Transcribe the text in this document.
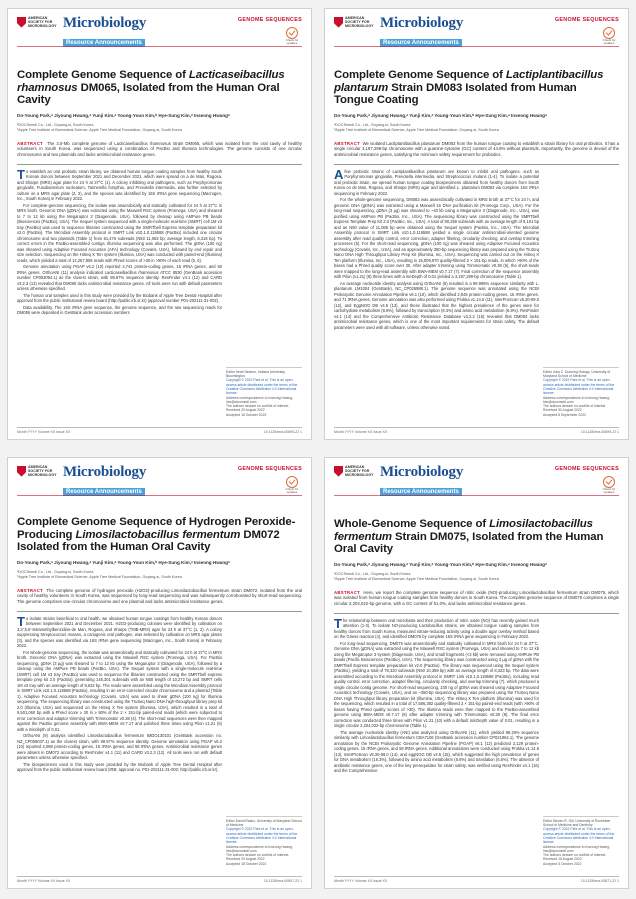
AMERICAN
SOCIETY FOR
MICROBIOLOGY Microbiology
Resource Announcements
GENOME SEQUENCES
Check for
updates
Complete Genome Sequence of Lacticaseibacillus rhamnosus DM065, Isolated from the Human Oral Cavity
Do-Young Park,ᵃ Jiyoung Hwang,ᵃ Yunji Kim,ᵃ Young-Youn Kim,ᵇ Hye-Sung Kim,ᵃ Inseong Hwangᵃ
ᵃDOCSmedi Co., Ltd., Goyang-si, South Korea
ᵇApple Tree Institute of Biomedical Science, Apple Tree Medical Foundation, Goyang-si, South Korea
ABSTRACT The 3.0-Mb complete genome of Lacticaseibacillus rhamnosus strain DM065, which was isolated from the oral cavity of healthy volunteers in South Korea, was sequenced using a combination of PacBio and Illumina technologies. The genome consists of one circular chromosome and two plasmids and lacks antimicrobial resistance genes.

To establish an oral probiotic strain library, we obtained human tongue coating samples from healthy South Korean donors between September 2021 and December 2021, which were spread on a de Man, Rogosa, and Sharpe (MRS) agar plate for 24 h at 37°C (1). A colony inhibiting oral pathogens, such as Porphyromonas gingivalis, Fusobacterium nucleatum, Tannerella forsythia, and Prevotella intermedia, was further selected by culture on a MRS agar plate (2, 3), and the species was identified by 16S rRNA gene sequencing (Macrogen, Inc., South Korea) in February 2022.

For complete-genome sequencing, the isolate was anaerobically and statically cultivated for 24 h at 37°C in MRS broth. Genomic DNA (gDNA) was extracted using the Maxwell RSC system (Promega, USA) and sheared to 7 to 12 kb using the Megaruptor 3 (Diagenode, USA), followed by cleanup using AMPure PB beads (Biosciences (PacBio), USA). The Sequel system sequenced with a single-molecule real-time (SMRT) cell 1M v3 tray (PacBio) was used to sequence libraries constructed using the SMRTbell Express template preparation kit v2.0 (PacBio). The Microbial Assembly protocol in SMRT Link v10.1.0.119588 (PacBio) included one circular chromosome and two plasmids (Table 1) from 51,476 subreads (N50 11,063 bp; average length, 8,316 bp). To correct errors in the PacBio-assembled contigs, Illumina sequencing was also performed. The gDNA (100 ng) was sheared using Adaptive Focused Acoustics (AFA) technology (Covaris, USA), followed by end repair and size selection. Sequencing on the HiSeq X Ten system (Illumina, USA) was conducted with paired-end (Illumina) reads, which yielded a total of 12,257,808 reads with Phred scores of >30 in >90% of each read (5, 6).

Genome annotation using PGAP v6.2 (10) reported 2,741 protein-coding genes, 15 rRNA genes, and 60 tRNA genes. OrthoANI (11) analysis indicated Lacticaseibacillus rhamnosus ATCC 8530 (GenBank accession number CP003094.1) as the closest strain, with 99.87% sequence identity. ResFinder v4.1 (12) and CARD v3.2.3 (13) revealed that DM065 lacks antimicrobial resistance genes. All tools were run with default parameters unless otherwise specified.

The human oral samples used in this study were provided by the Biobank of Apple Tree Dental Hospital after approval from the public institutional review board (http://public.irb.or.kr) (approval number P01-202111-31-002).

Data availability. The 16S rRNA gene sequence, the genome sequence, and the raw sequencing reads for DM065 were deposited in GenBank under accession numbers

Editor Irene Newton, Indiana University, Bloomington
Copyright © 2022 Park et al. This is an open-access article distributed under the terms of the Creative Commons Attribution 4.0 International license.
Address correspondence to Inseong Hwang, hiw@docsmedi.com.
The authors declare no conflict of interest.
Received 29 August 2022
Accepted 16 October 2022
Month YYYY Volume XX Issue XX	10.1128/mra.00899-22 1
AMERICAN
SOCIETY FOR
MICROBIOLOGY Microbiology
Resource Announcements
GENOME SEQUENCES
Check for
updates
Complete Genome Sequence of Lactiplantibacillus plantarum Strain DM083 Isolated from Human Tongue Coating
Do-Young Park,ᵃ Jiyoung Hwang,ᵃ Yunji Kim,ᵃ Young-Youn Kim,ᵇ Hye-Sung Kim,ᵃ Inseong Hwangᵃ
ᵃDOCSmedi Co., Ltd., Goyang-si, South Korea
ᵇApple Tree Institute of Biomedical Science, Apple Tree Medical Foundation, Goyang-si, South Korea
ABSTRACT We isolated Lactiplantibacillus plantarum DM083 from the human tongue coating to establish a strain library for oral probiotics. It has a single circular 3,197,299-bp chromosome with a guanine-cytosine (GC) content of 44.6% without plasmids. Importantly, the genome is devoid of the antimicrobial resistance genes, satisfying the minimum safety requirement for probiotics.

A few probiotic strains of Lactiplantibacillus plantarum are known to inhibit oral pathogens, such as Porphyromonas gingivalis, Prevotella intermedia, and Streptococcus mutans (1-4). To isolate a potential oral probiotic strain, we spread human tongue coating biospecimens obtained from healthy donors from South Korea on de Man, Rogosa, and Sharpe (MRS) agar and identified L. plantarum DM083 via complete 16S rRNA sequencing in February 2022.

For the whole-genome sequencing, DM083 was anaerobically cultivated in MRS broth at 37°C for 24 h, and genomic DNA (gDNA) was extracted using a Maxwell 16 DNA purification kit (Promega Corp., USA). For the long-read sequencing, gDNA (3 µg) was sheared to ~40 kb using a Megaruptor 3 (Diagenode, Inc., USA), was purified using AMPure PB (PacBio, Inc., USA). The sequencing library was constructed using the SMRTbell Express Template Prep Kit 2.0 (PacBio, Inc., USA). A total of 80,259 subreads with an average length of 9,101 bp and an N50 value of 11,085 bp were obtained using the Sequel system (PacBio, Inc., USA). The Microbial Assembly protocol in SMRT Link v10.1.0.119588 yielded a single circular antimicrobial-oriented genome assembly after read quality control, error correction, adapter filtering, circularity checking, and overlap trimming processes (5). For the short-read sequencing, gDNA (100 ng) was sheared using Adaptive Focused Acoustics technology (Covaris, Inc., USA), and an approximately 350-bp sequencing library was prepared using the TruSeq Nano DNA High Throughput Library Prep Kit (Illumina, Inc., USA). Sequencing was carried out on the HiSeq X Ten platform (Illumina, Inc., USA), resulting in 15,009,970 quality-filtered 2 × 151-bp reads, in which >90% of the bases had a Phred quality score over 30. After adapter trimming using Trimmomatic v0.38 (6), the short-reads were mapped to the long-read assembly with BWA-MEM v0.7.17 (7). Final correction of the sequence assembly with Pilon (v1.21) (8) three times with a meDepth of 0.01 yielded a 3,197,299-bp chromosome (Table 1).

An average nucleotide identity analysis using OrthoANI (9) resulted in a 99.996% sequence similarity with L. plantarum LM1004 (GenBank), NC_CP026988.1). The genome sequence was annotated using the NCBI Prokaryotic Genome Annotation Pipeline v6.1 (10), which identified 2,945 protein-coding genes, 16 rRNA genes, and 71 tRNA genes. Genome annotation was also performed using Prokka v1.14.6 (11), InterProScan v5.30-69.0 (12), and EggNOG DB v4.5 (13), and these illustrated that the highest prevalence of the genes were for carbohydrate metabolism (8.8%), followed by transcription (8.3%) and amino acid metabolism (6.8%). ResFinder v4.1 (14) and the Comprehensive Antibiotic Resistance Database v3.2.3 (15) revealed that DM083 lacks antimicrobial resistance genes, which is one of the most important requirements for strain safety. The default parameters were used with all software, unless otherwise noted.

Editor Julia C. Dunning Hotopp, University of Maryland School of Medicine
Copyright © 2022 Park et al. This is an open-access article distributed under the terms of the Creative Commons Attribution 4.0 International license.
Address correspondence to Inseong Hwang, hiw@docsmedi.com.
The authors declare no conflict of interest.
Received 30 August 2022
Accepted 8 September 2022
Month YYYY Volume XX Issue XX	10.1128/mra.00899-22 1
AMERICAN
SOCIETY FOR
MICROBIOLOGY Microbiology
Resource Announcements
GENOME SEQUENCES
Check for
updates
Complete Genome Sequence of Hydrogen Peroxide-Producing Limosilactobacillus fermentum DM072 Isolated from the Human Oral Cavity
Do-Young Park,ᵃ Jiyoung Hwang,ᵃ Yunji Kim,ᵃ Young-Youn Kim,ᵇ Hye-Sung Kim,ᵃ Inseong Hwangᵃ
ᵃDOCSmedi Co., Ltd., Goyang-si, South Korea
ᵇApple Tree Institute of Biomedical Science, Apple Tree Medical Foundation, Goyang-si, South Korea
ABSTRACT The complete genome of hydrogen peroxide (H2O2)-producing Limosilactobacillus fermentum strain DM072, isolated from the oral cavity of healthy volunteers in South Korea, was sequenced by long-read sequencing and was subsequently corroborated by short-read sequencing. The genome comprises one circular chromosome and one plasmid and lacks antimicrobial resistance genes.

To isolate strains beneficial to oral health, we obtained human tongue coatings from healthy Korean donors between September 2021 and December 2021. H2O2-producing colonies were identified by cultivation on 3,3',5,5'-tetramethylbenzidine-de Man, Rogosa, and Sharpe (TMB-MRS) agar for 24 h at 37°C (1, 2). A colony suppressing Streptococcus mutans, a cariogenic oral pathogen, was selected by cultivation on MRS agar plates (3), and the species was identified via 16S rRNA gene sequencing (Macrogen, Inc., South Korea) in February 2022.

For whole-genome sequencing, the isolate was anaerobically and statically cultivated for 24 h at 37°C in MRS broth. Genomic DNA (gDNA) was extracted using the Maxwell RSC system (Promega, USA). For PacBio sequencing, gDNA (3 µg) was sheared to 7 to 12 kb using the Megaruptor 3 (Diagenode, USA), followed by a cleanup using the AMPure PB beads (PacBio, USA). The Sequel system with a single-molecule real-time (SMRT) cell 1M v3 tray (PacBio) was used to sequence the libraries constructed using the SMRTbell express template prep kit 2.0 (PacBio), generating 145,301 subreads with an N50 length of 10,272 bp and SMRT cells 1M v3 tray with an average length of 8,632 bp. The reads were assembled using the Microbial Assembly protocol in SMRT Link v10.1.0.119588 (PacBio), resulting in an error-corrected circular chromosome and a plasmid (Table 1). Adaptive Focused Acoustics technology (Covaris, USA) was used to shear gDNA (100 ng) for Illumina sequencing. The sequencing library was constructed using the TruSeq Nano DNA high-throughput library prep kit 2.0 (Illumina, USA) and sequenced on the HiSeq X Ten system (Illumina, USA), which resulted in a total of 9,501,060 bp with a Phred score ≥ 30 in ≥ 90% of the 2 × 151-bp paired-end reads (which were subjected to error correction and adaptor trimming with Trimmomatic v0.38 (4). The short-read sequences were then mapped against the PacBio genome assembly with BWA-MEM v0.7.17 and polished three times using Pilon v1.21 (6) with a mindepth of 0.01.

OrthoANI (9) analysis identified Limosilactobacillus fermentum IMDO130101 (GenBank accession no. NZ_CP009037.1) as the closest strain, with 99.97% sequence identity. Genome annotation using PGAP v6.2 (10) reported 2,088 protein-coding genes, 15 rRNA genes, and 58 tRNA genes. Antimicrobial resistance genes were absent in DM072 according to ResFinder v4.1 (11) and CARD v3.2.3 (12). All tools were run with default parameters unless otherwise specified.

The biospecimens used in this study were provided by the Biobank of Apple Tree Dental Hospital after approval from the public institutional review board (IRB; approval no. P01-202111-31-002; http://public.irb.or.kr).

Editor David Rasko, University of Maryland School of Medicine
Copyright © 2022 Park et al. This is an open-access article distributed under the terms of the Creative Commons Attribution 4.0 International license.
Address correspondence to Inseong Hwang, hiw@docsmedi.com.
The authors declare no conflict of interest.
Received 29 August 2022
Accepted 18 October 2022
Month YYYY Volume XX Issue XX	10.1128/mra.00897-22 1
AMERICAN
SOCIETY FOR
MICROBIOLOGY Microbiology
Resource Announcements
GENOME SEQUENCES
Check for
updates
Whole-Genome Sequence of Limosilactobacillus fermentum Strain DM075, Isolated from the Human Oral Cavity
Do-Young Park,ᵃ Jiyoung Hwang,ᵃ Yunji Kim,ᵃ Young-Youn Kim,ᵇ Hye-Sung Kim,ᵃ Inseong Hwangᵃ
ᵃDOCSmedi Co., Ltd., Goyang-si, South Korea
ᵇApple Tree Institute of Biomedical Science, Apple Tree Medical Foundation, Goyang-si, South Korea
ABSTRACT Here, we report the complete genome sequence of nitric oxide (NO)-producing Limosilactobacillus fermentum strain DM075, which was isolated from human tongue coating samples from healthy donors in South Korea. The complete genome sequence of DM075 comprises a single circular 2,204,022-bp genome, with a GC content of 51.0%, and lacks antimicrobial resistance genes.

The relationship between oral microbiota and their production of nitric oxide (NO) has recently gained much attention (1-3). To isolate NO-producing Lactobacillus strains, we obtained tongue coating samples from healthy donors from South Korea, measured nitrate-reducing activity using a double agar overlay method based on the Griess reaction (4), and identified DM075 by complete 16S rRNA gene sequencing in February 2022.

For long-read sequencing, DM075 was anaerobically and statically cultivated in MRS broth for 24 h at 37°C. Genome DNA (gDNA) was extracted using the Maxwell RSC system (Promega, USA) and sheared to 7 to 12 kb using the Megaruptor 3 system (Diagenode, USA), and small fragments (<3 kb) were removed using AMPure PB beads (Pacific Biosciences (PacBio), USA). The sequencing library was constructed using 3 µg of gDNA with the SMRTbell Express template preparation kit v2.0 (PacBio). The library was sequenced using the Sequel system (PacBio), yielding a total of 78,320 subreads (N50 10,359 bp) with an average length of 8,323 bp. The data were assembled according to the Microbial Assembly protocol in SMRT Link v10.1.0.119588 (PacBio), including read quality control, error correction, adapter filtering, circularity checking, and overlap trimming (7), which produced a single circular contig genome. For short-read sequencing, 100 ng of gDNA was sheared using Adaptive Focused Acoustics technology (Covaris, USA), and an ~350-bp sequencing library was prepared using the TruSeq Nano DNA High Throughput library preparation kit (Illumina, USA). The HiSeq X Ten platform (Illumina) was used for the sequencing, which resulted in a total of 17,586,382 quality-filtered 2 × 151-bp paired-end reads (with >90% of bases having Phred quality scores of >30). The Illumina reads were then mapped to the PacBio-assembled genome using BWA-MEM v0.7.17 (8) after adapter trimming with Trimmomatic v0.38 (9). The final error correction was conducted three times with Pilon v1.21 (10) with a default minDepth value of 0.01, resulting in a single circular 2,204,022-bp chromosome (Table 1).

The average nucleotide identity (ANI) was analyzed using OrthoANI (11), which yielded 99.28% sequence similarity with Limosilactobacillus fermentum CBA7106 (GenBank accession number CP021964.1). The genome annotation by the NCBI Prokaryotic Genome Annotation Pipeline (PGAP) v6.1 (12) predicted 2,129 protein-coding genes, 15 rRNA genes, and 58 tRNA genes. Additional annotations were conducted using Prokka v1.14.6 (13), InterProScan v5.30-69.0 (14), and eggNOG DB v4.5 (15), which suggested the high prevalence of genes for DNA metabolism (16.3%), followed by amino acid metabolism (8.6%) and translation (6.5%). The absence of antibiotic resistance genes, one of the key prerequisites for strain safety, was verified using ResFinder v4.1 (16) and the Comprehensive

Editor Steven R. Gill, University of Rochester School of Medicine and Dentistry
Copyright © 2022 Park et al. This is an open-access article distributed under the terms of the Creative Commons Attribution 4.0 International license.
Address correspondence to Inseong Hwang, hiw@docsmedi.com.
The authors declare no conflict of interest.
Received 16 August 2022
Accepted 5 October 2022
Month YYYY Volume XX Issue XX	10.1128/mra.00871-22 1
